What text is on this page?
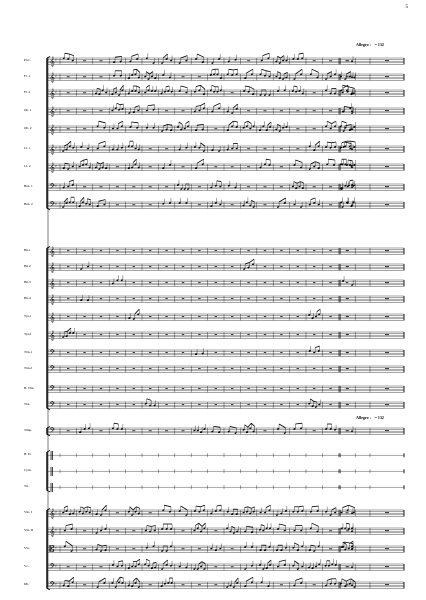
5
Allegro ♩ = 132
Allegro ♩ = 132
Picc.
Fl. 1
Fl. 2
Ob. 1
Ob. 2
Cl. 1
Cl. 2
Bsn. 1
Bsn. 2
Hn.1
Hn.2
Hn.3
Hn.4
Tpt.1
Tpt.2
Tbn.1
Tbn.2
B. Tbn.
Tba.
Timp.
B. D.
Cym.
Tri.
Vln. I
Vln. II
Vla.
Vc.
Db.
𝄞 ♯
𝄞 ♯
𝄞 ♯
𝄞 ♯
𝄞 ♯
𝄞 ♯
𝄞 ♯
𝄢 ♯
𝄢 ♯
𝄞
𝄞
𝄞
𝄞
𝄞
𝄞
𝄢
𝄢
𝄢
𝄢
𝄢
‖
‖
‖
𝄞 ♯
𝄞 ♯
𝄡 ♯
𝄢 ♯
𝄢 ♯
